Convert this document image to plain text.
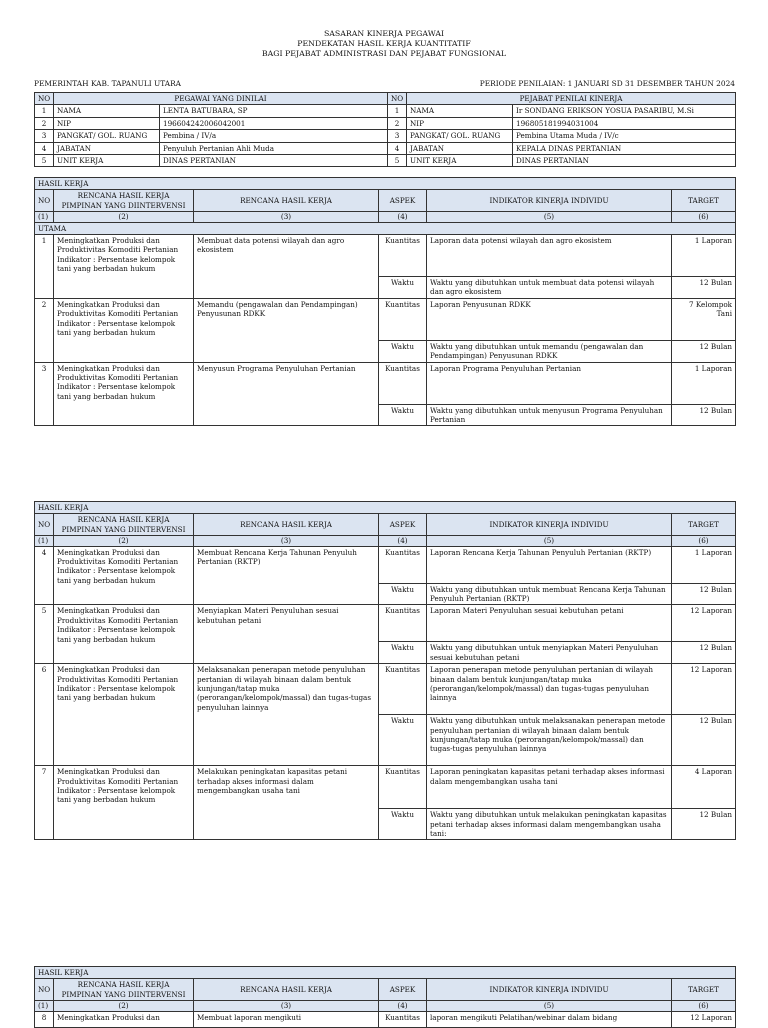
SASARAN KINERJA PEGAWAI
PENDEKATAN HASIL KERJA KUANTITATIF
BAGI PEJABAT ADMINISTRASI DAN PEJABAT FUNGSIONAL
PEMERINTAH KAB. TAPANULI UTARA	PERIODE PENILAIAN: 1 JANUARI SD 31 DESEMBER TAHUN 2024
NO	PEGAWAI YANG DINILAI		NO	PEJABAT PENILAI KINERJA	
1	NAMA	LENTA BATUBARA, SP	1	NAMA	Ir SONDANG ERIKSON YOSUA PASARIBU, M.Si
2	NIP	196604242006042001	2	NIP	196805181994031004
3	PANGKAT/ GOL. RUANG	Pembina / IV/a	3	PANGKAT/ GOL. RUANG	Pembina Utama Muda / IV/c
4	JABATAN	Penyuluh Pertanian Ahli Muda	4	JABATAN	KEPALA DINAS PERTANIAN
5	UNIT KERJA	DINAS PERTANIAN	5	UNIT KERJA	DINAS PERTANIAN
HASIL KERJA					
NO	RENCANA HASIL KERJA PIMPINAN YANG DIINTERVENSI	RENCANA HASIL KERJA	ASPEK	INDIKATOR KINERJA INDIVIDU	TARGET
(1)	(2)	(3)	(4)	(5)	(6)
UTAMA					
1	Meningkatkan Produksi dan Produktivitas Komoditi Pertanian Indikator : Persentase kelompok tani yang berbadan hukum	Membuat data potensi wilayah dan agro ekosistem	Kuantitas	Laporan data potensi wilayah dan agro ekosistem	1 Laporan
			Waktu	Waktu yang dibutuhkan untuk membuat data potensi wilayah dan agro ekosistem	12 Bulan
2	Meningkatkan Produksi dan Produktivitas Komoditi Pertanian Indikator : Persentase kelompok tani yang berbadan hukum	Memandu (pengawalan dan Pendampingan) Penyusunan RDKK	Kuantitas	Laporan Penyusunan RDKK	7 Kelompok Tani
			Waktu	Waktu yang dibutuhkan untuk memandu (pengawalan dan Pendampingan) Penyusunan RDKK	12 Bulan
3	Meningkatkan Produksi dan Produktivitas Komoditi Pertanian Indikator : Persentase kelompok tani yang berbadan hukum	Menyusun Programa Penyuluhan Pertanian	Kuantitas	Laporan Programa Penyuluhan Pertanian	1 Laporan
			Waktu	Waktu yang dibutuhkan untuk menyusun Programa Penyuluhan Pertanian	12 Bulan
HASIL KERJA					
NO	RENCANA HASIL KERJA PIMPINAN YANG DIINTERVENSI	RENCANA HASIL KERJA	ASPEK	INDIKATOR KINERJA INDIVIDU	TARGET
(1)	(2)	(3)	(4)	(5)	(6)
4	Meningkatkan Produksi dan Produktivitas Komoditi Pertanian Indikator : Persentase kelompok tani yang berbadan hukum	Membuat Rencana Kerja Tahunan Penyuluh Pertanian (RKTP)	Kuantitas	Laporan Rencana Kerja Tahunan Penyuluh Pertanian (RKTP)	1 Laporan
			Waktu	Waktu yang dibutuhkan untuk membuat Rencana Kerja Tahunan Penyuluh Pertanian (RKTP)	12 Bulan
5	Meningkatkan Produksi dan Produktivitas Komoditi Pertanian Indikator : Persentase kelompok tani yang berbadan hukum	Menyiapkan Materi Penyuluhan sesuai kebutuhan petani	Kuantitas	Laporan Materi Penyuluhan sesuai kebutuhan petani	12 Laporan
			Waktu	Waktu yang dibutuhkan untuk menyiapkan Materi Penyuluhan sesuai kebutuhan petani	12 Bulan
6	Meningkatkan Produksi dan Produktivitas Komoditi Pertanian Indikator : Persentase kelompok tani yang berbadan hukum	Melaksanakan penerapan metode penyuluhan pertanian di wilayah binaan dalam bentuk kunjungan/tatap muka (perorangan/kelompok/massal) dan tugas-tugas penyuluhan lainnya	Kuantitas	Laporan penerapan metode penyuluhan pertanian di wilayah binaan dalam bentuk kunjungan/tatap muka (perorangan/kelompok/massal) dan tugas-tugas penyuluhan lainnya	12 Laporan
			Waktu	Waktu yang dibutuhkan untuk melaksanakan penerapan metode penyuluhan pertanian di wilayah binaan dalam bentuk kunjungan/tatap muka (perorangan/kelompok/massal) dan tugas-tugas penyuluhan lainnya	12 Bulan
7	Meningkatkan Produksi dan Produktivitas Komoditi Pertanian Indikator : Persentase kelompok tani yang berbadan hukum	Melakukan peningkatan kapasitas petani terhadap akses informasi dalam mengembangkan usaha tani	Kuantitas	Laporan peningkatan kapasitas petani terhadap akses informasi dalam mengembangkan usaha tani	4 Laporan
			Waktu	Waktu yang dibutuhkan untuk melakukan peningkatan kapasitas petani terhadap akses informasi dalam mengembangkan usaha tani:	12 Bulan
HASIL KERJA					
NO	RENCANA HASIL KERJA PIMPINAN YANG DIINTERVENSI	RENCANA HASIL KERJA	ASPEK	INDIKATOR KINERJA INDIVIDU	TARGET
(1)	(2)	(3)	(4)	(5)	(6)
8	Meningkatkan Produksi dan	Membuat laporan mengikuti	Kuantitas	laporan mengikuti Pelatihan/webinar dalam bidang	12 Laporan
